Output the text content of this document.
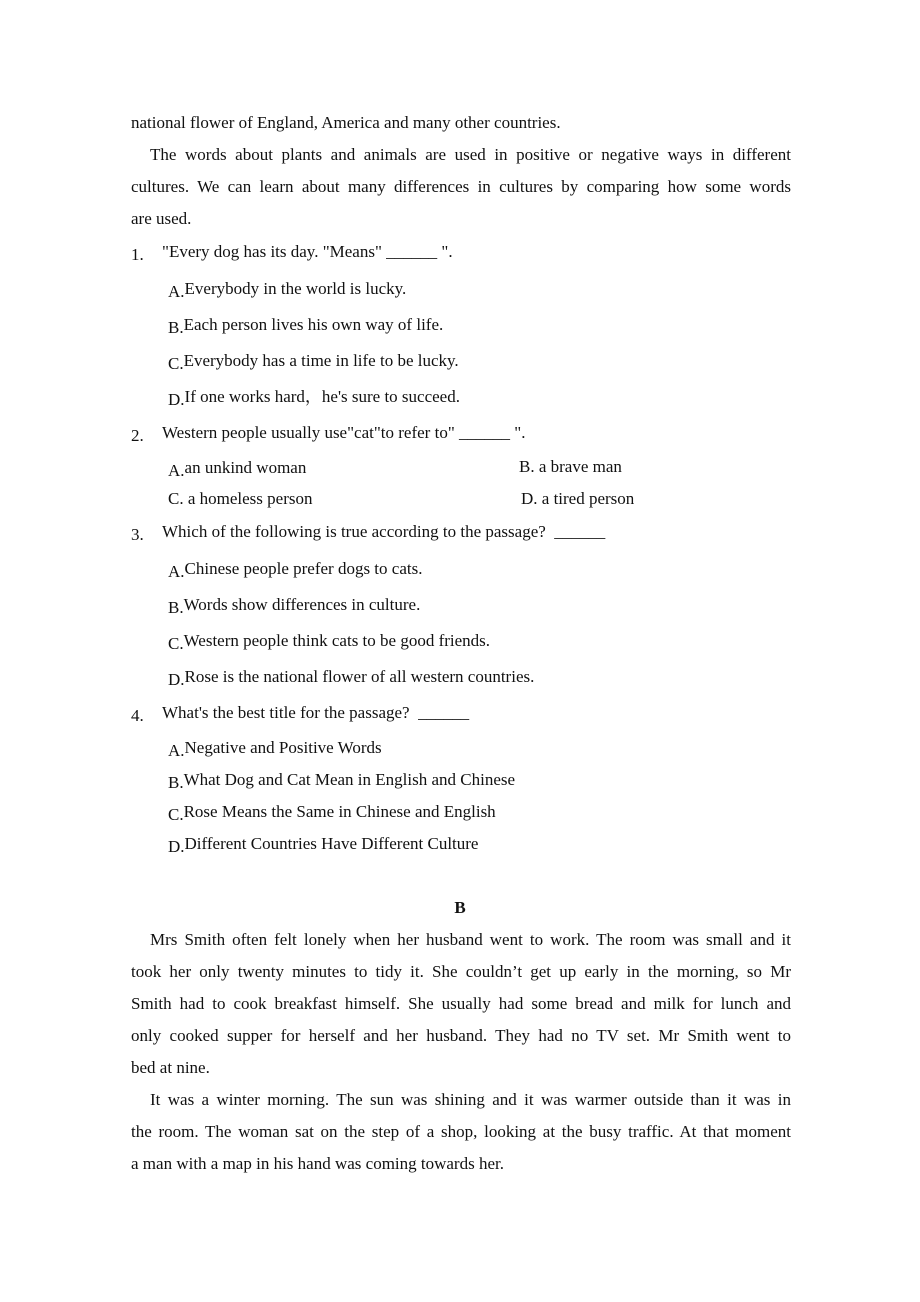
national flower of England, America and many other countries.
The words about plants and animals are used in positive or negative ways in different
cultures. We can learn about many differences in cultures by comparing how some words
are used.
1. "Every dog has its day. "Means" ______ ".
A.Everybody in the world is lucky.
B.Each person lives his own way of life.
C.Everybody has a time in life to be lucky.
D.If one works hard，he's sure to succeed.
2. Western people usually use"cat"to refer to" ______ ".
A.an unkind woman	B. a brave man
C. a homeless person	D. a tired person
3. Which of the following is true according to the passage?  ______
A.Chinese people prefer dogs to cats.
B.Words show differences in culture.
C.Western people think cats to be good friends.
D.Rose is the national flower of all western countries.
4. What's the best title for the passage?  ______
A.Negative and Positive Words
B.What Dog and Cat Mean in English and Chinese
C.Rose Means the Same in Chinese and English
D.Different Countries Have Different Culture
B
Mrs Smith often felt lonely when her husband went to work. The room was small and it
took her only twenty minutes to tidy it. She couldn’t get up early in the morning, so Mr
Smith had to cook breakfast himself. She usually had some bread and milk for lunch and
only cooked supper for herself and her husband. They had no TV set. Mr Smith went to
bed at nine.
It was a winter morning. The sun was shining and it was warmer outside than it was in
the room. The woman sat on the step of a shop, looking at the busy traffic. At that moment
a man with a map in his hand was coming towards her.
